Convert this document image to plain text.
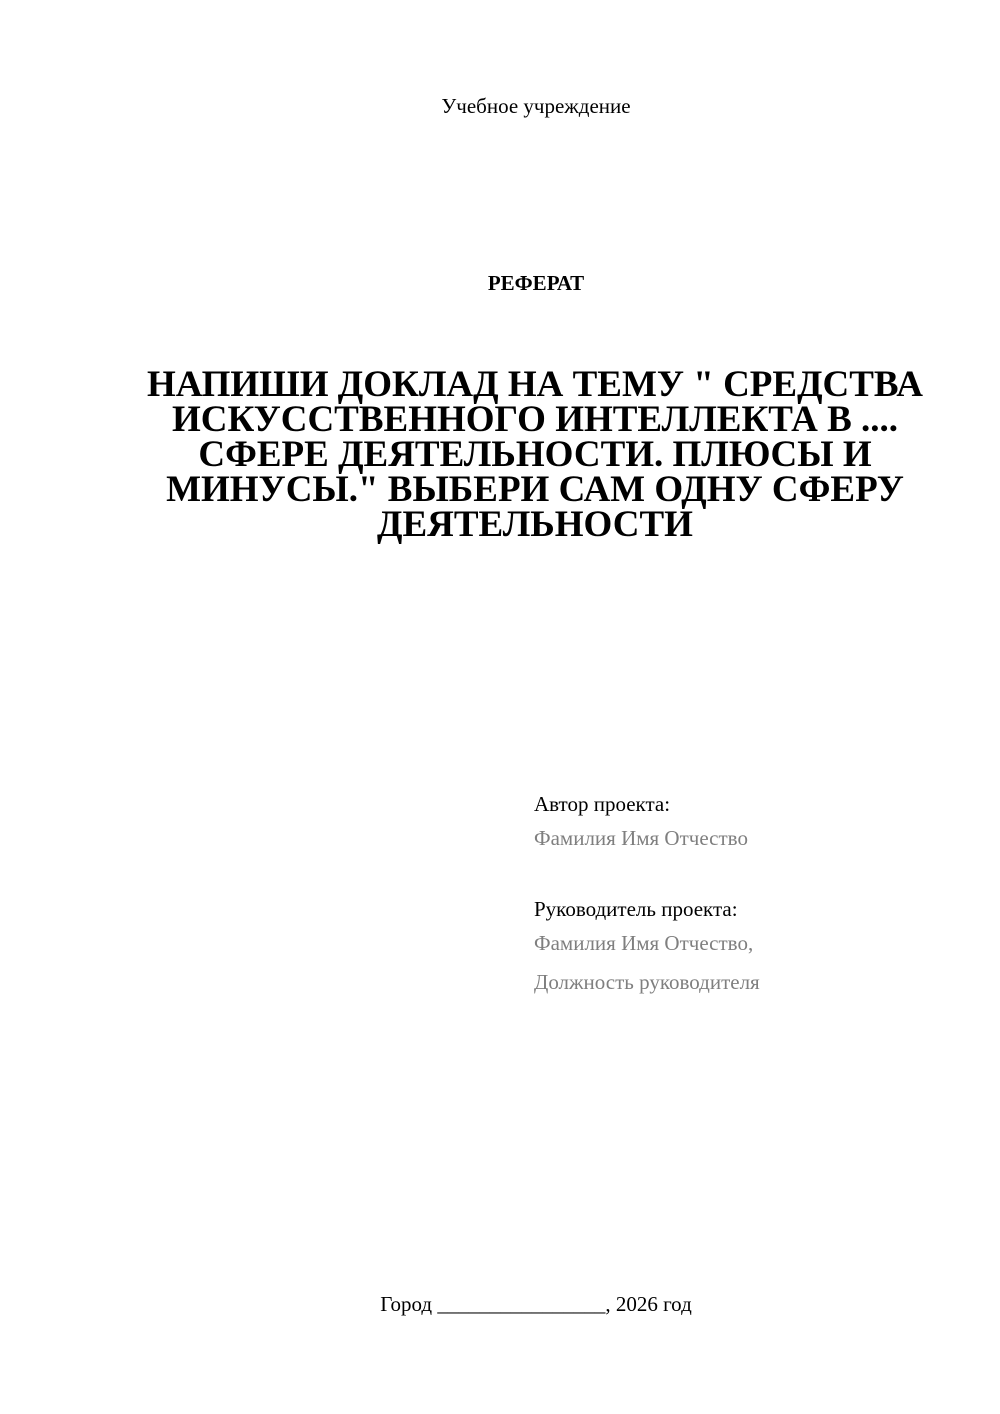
Учебное учреждение
РЕФЕРАТ
НАПИШИ ДОКЛАД НА ТЕМУ " СРЕДСТВА ИСКУССТВЕННОГО ИНТЕЛЛЕКТА В .... СФЕРЕ ДЕЯТЕЛЬНОСТИ. ПЛЮСЫ И МИНУСЫ." ВЫБЕРИ САМ ОДНУ СФЕРУ ДЕЯТЕЛЬНОСТИ
Автор проекта:
Фамилия Имя Отчество
Руководитель проекта:
Фамилия Имя Отчество,
Должность руководителя
Город ________________, 2026 год
